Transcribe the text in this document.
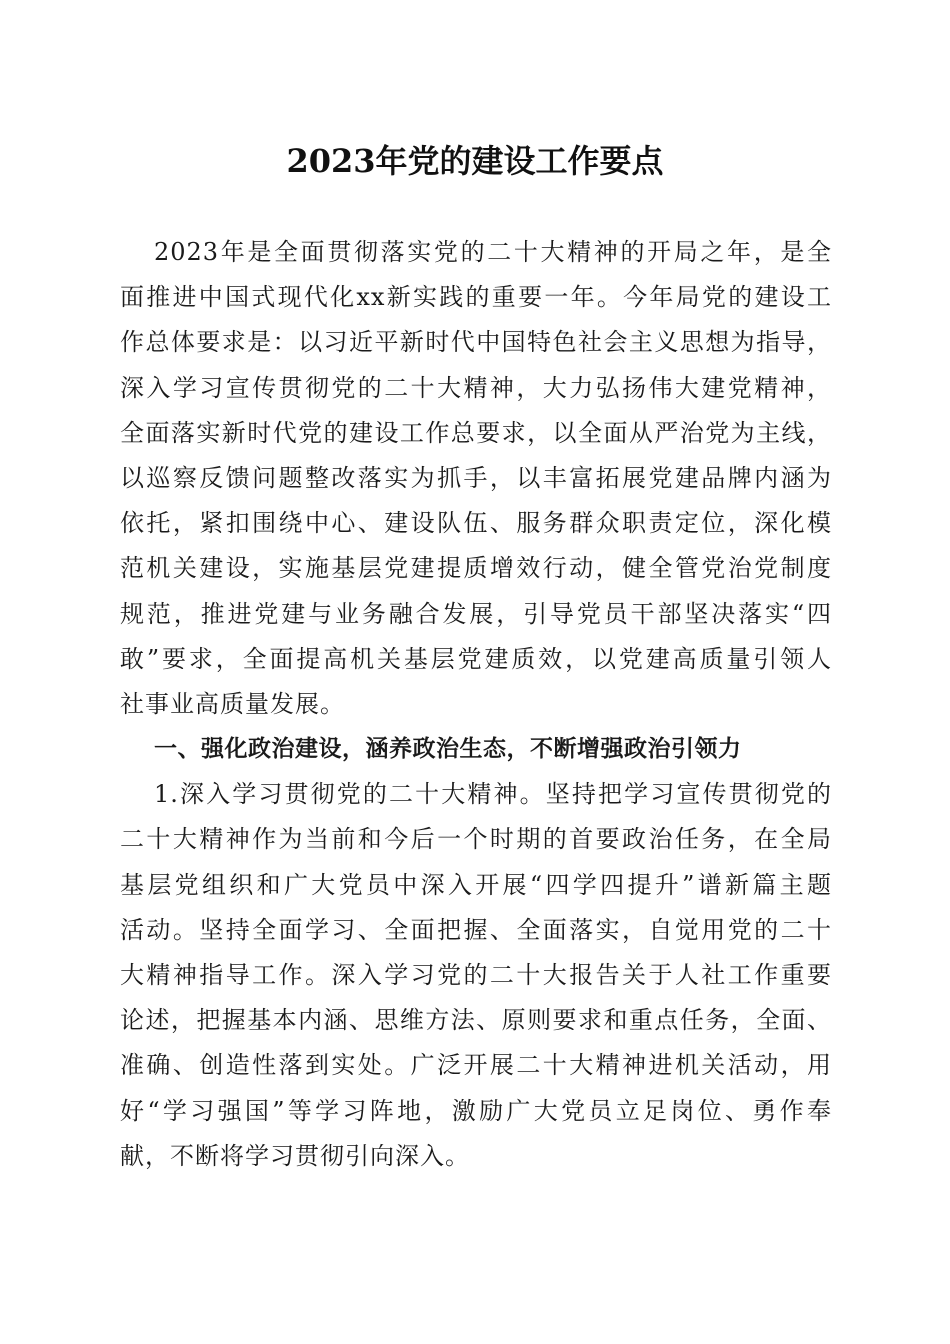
2023年党的建设工作要点
2023年是全面贯彻落实党的二十大精神的开局之年，是全
面推进中国式现代化xx新实践的重要一年。今年局党的建设工
作总体要求是：以习近平新时代中国特色社会主义思想为指导，
深入学习宣传贯彻党的二十大精神，大力弘扬伟大建党精神，
全面落实新时代党的建设工作总要求，以全面从严治党为主线，
以巡察反馈问题整改落实为抓手，以丰富拓展党建品牌内涵为
依托，紧扣围绕中心、建设队伍、服务群众职责定位，深化模
范机关建设，实施基层党建提质增效行动，健全管党治党制度
规范，推进党建与业务融合发展，引导党员干部坚决落实“四
敢”要求，全面提高机关基层党建质效，以党建高质量引领人
社事业高质量发展。
一、强化政治建设，涵养政治生态，不断增强政治引领力
1.深入学习贯彻党的二十大精神。坚持把学习宣传贯彻党的
二十大精神作为当前和今后一个时期的首要政治任务，在全局
基层党组织和广大党员中深入开展“四学四提升”谱新篇主题
活动。坚持全面学习、全面把握、全面落实，自觉用党的二十
大精神指导工作。深入学习党的二十大报告关于人社工作重要
论述，把握基本内涵、思维方法、原则要求和重点任务，全面、
准确、创造性落到实处。广泛开展二十大精神进机关活动，用
好“学习强国”等学习阵地，激励广大党员立足岗位、勇作奉
献，不断将学习贯彻引向深入。
